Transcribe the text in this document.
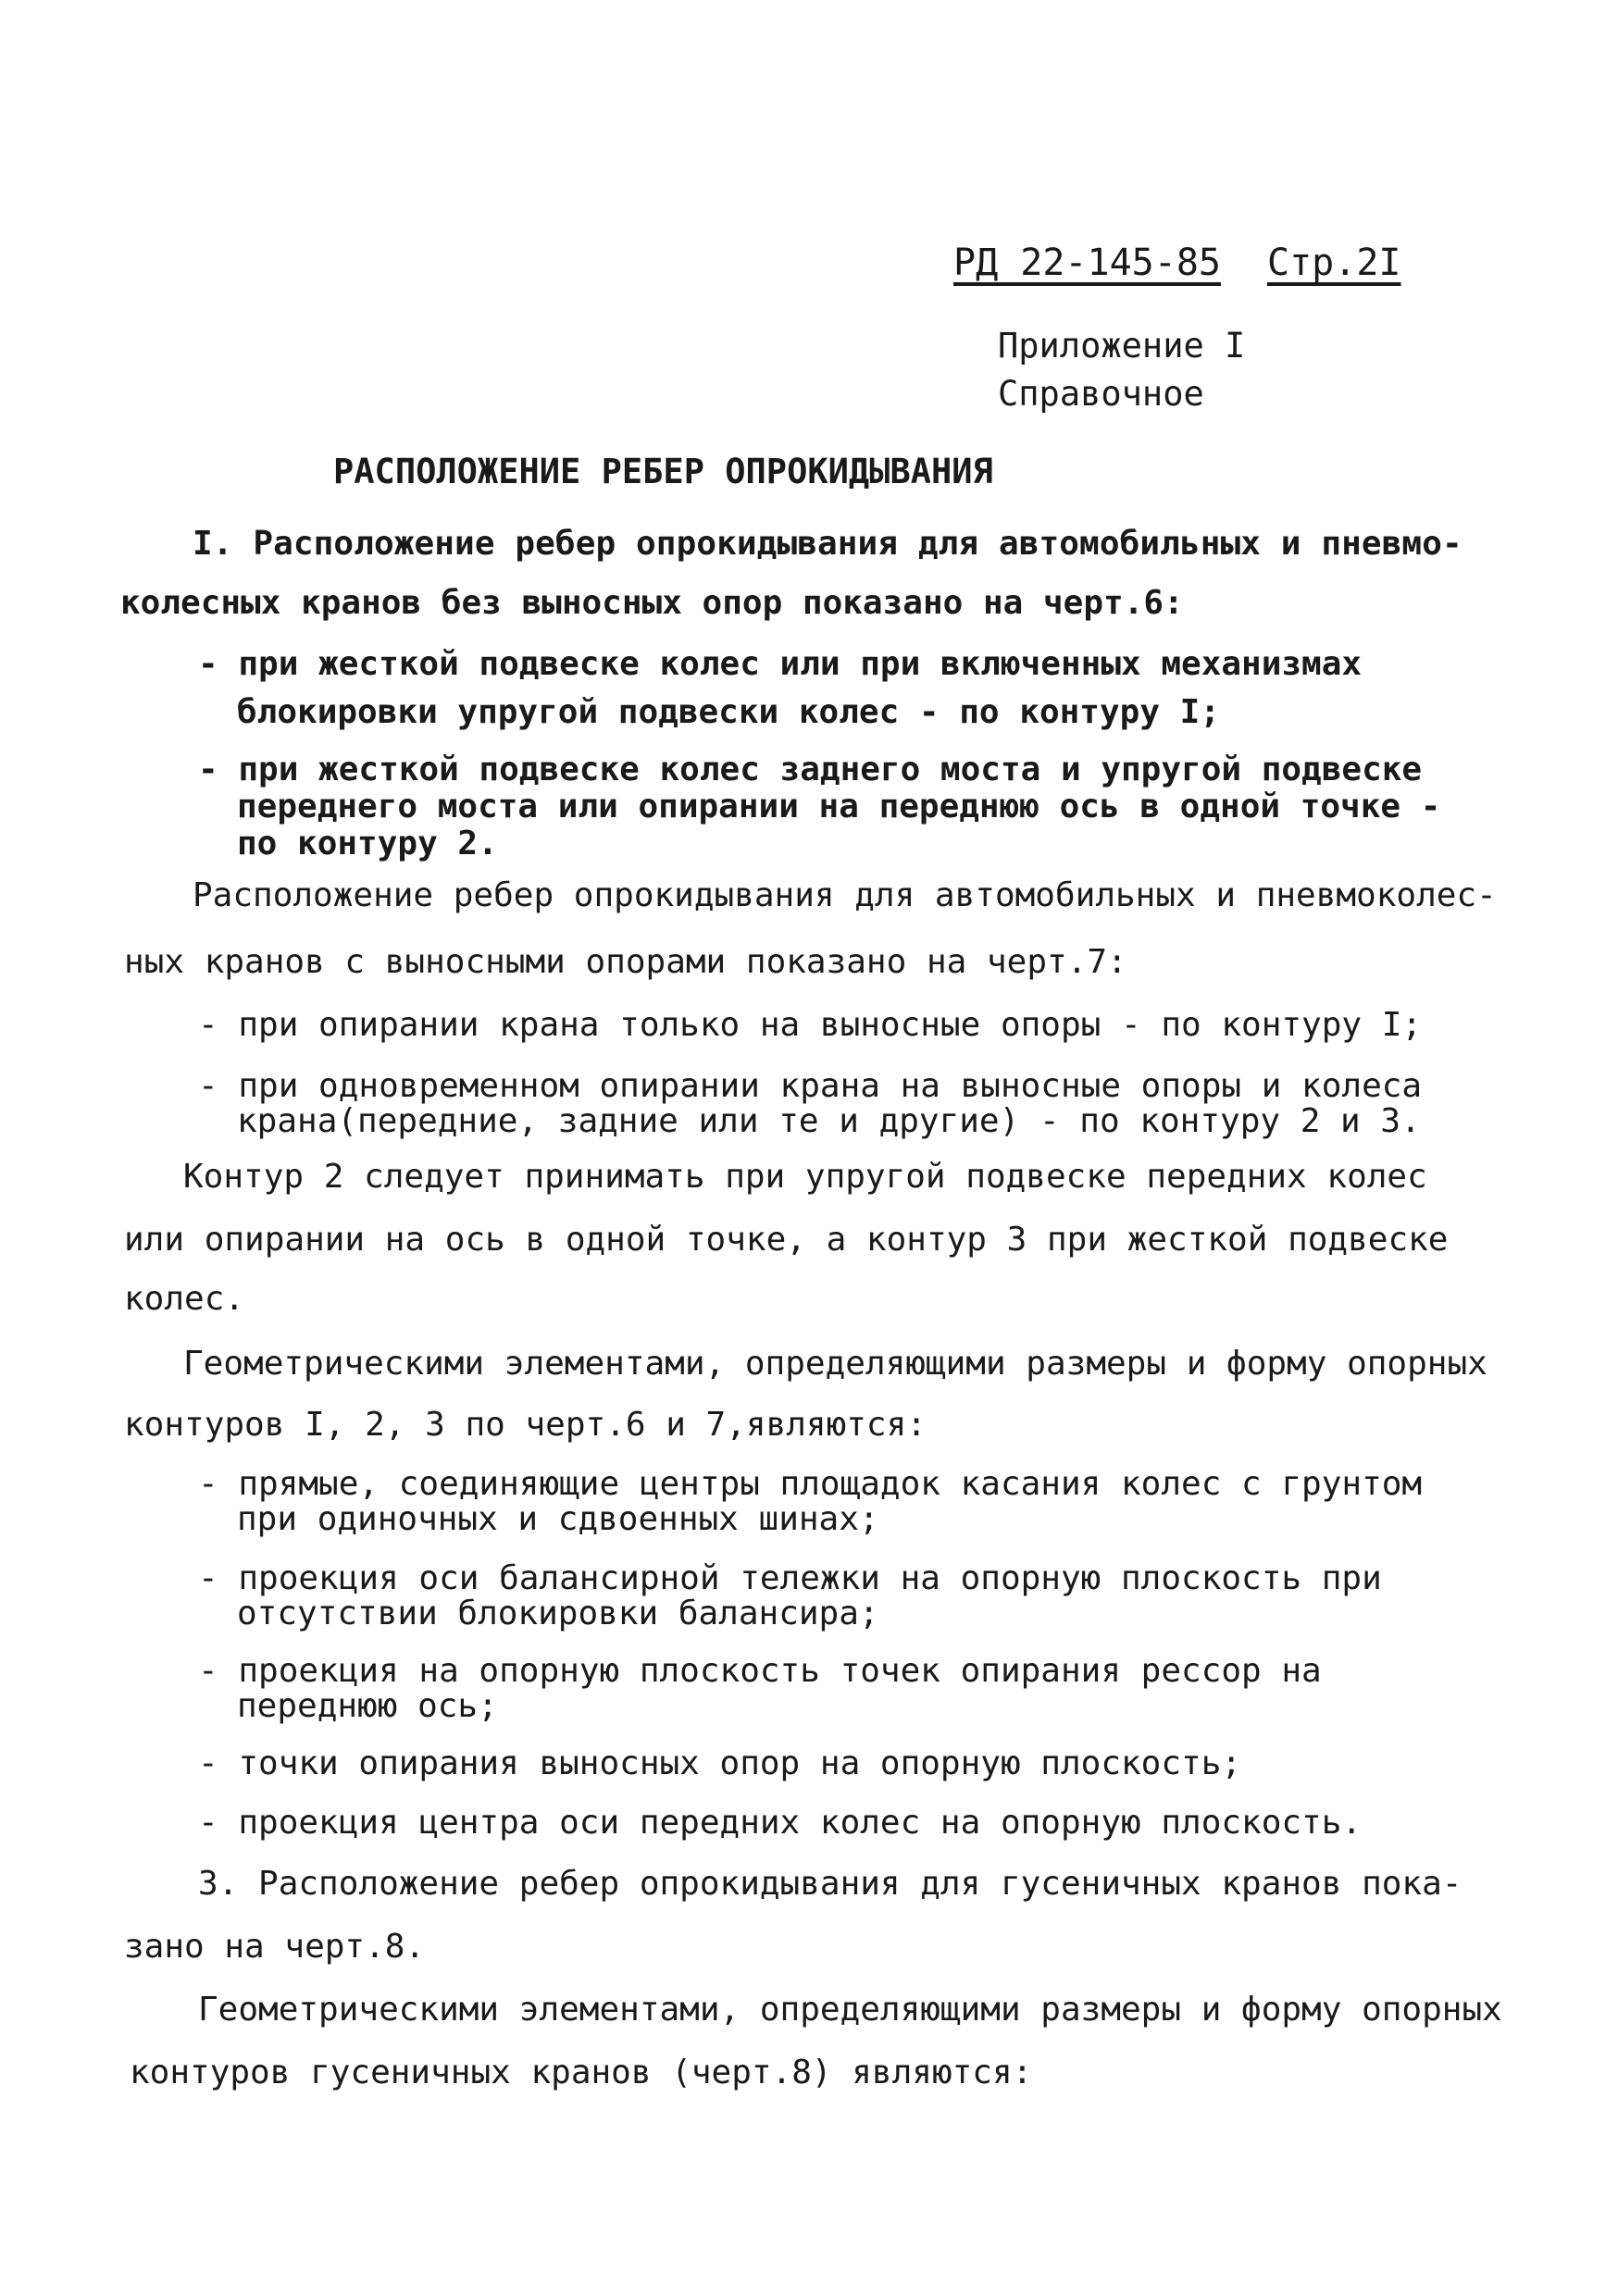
РД 22-145-85 Стр.2I
Приложение I
Справочное
РАСПОЛОЖЕНИЕ РЕБЕР ОПРОКИДЫВАНИЯ
I. Расположение ребер опрокидывания для автомобильных и пневмо-
колесных кранов без выносных опор показано на черт.6:
- при жесткой подвеске колес или при включенных механизмах
блокировки упругой подвески колес - по контуру I;
- при жесткой подвеске колес заднего моста и упругой подвеске
переднего моста или опирании на переднюю ось в одной точке -
по контуру 2.
Расположение ребер опрокидывания для автомобильных и пневмоколес-
ных кранов с выносными опорами показано на черт.7:
- при опирании крана только на выносные опоры - по контуру I;
- при одновременном опирании крана на выносные опоры и колеса
крана(передние, задние или те и другие) - по контуру 2 и 3.
Контур 2 следует принимать при упругой подвеске передних колес
или опирании на ось в одной точке, а контур 3 при жесткой подвеске
колес.
Геометрическими элементами, определяющими размеры и форму опорных
контуров I, 2, 3 по черт.6 и 7,являются:
- прямые, соединяющие центры площадок касания колес с грунтом
при одиночных и сдвоенных шинах;
- проекция оси балансирной тележки на опорную плоскость при
отсутствии блокировки балансира;
- проекция на опорную плоскость точек опирания рессор на
переднюю ось;
- точки опирания выносных опор на опорную плоскость;
- проекция центра оси передних колес на опорную плоскость.
3. Расположение ребер опрокидывания для гусеничных кранов пока-
зано на черт.8.
Геометрическими элементами, определяющими размеры и форму опорных
контуров гусеничных кранов (черт.8) являются:
